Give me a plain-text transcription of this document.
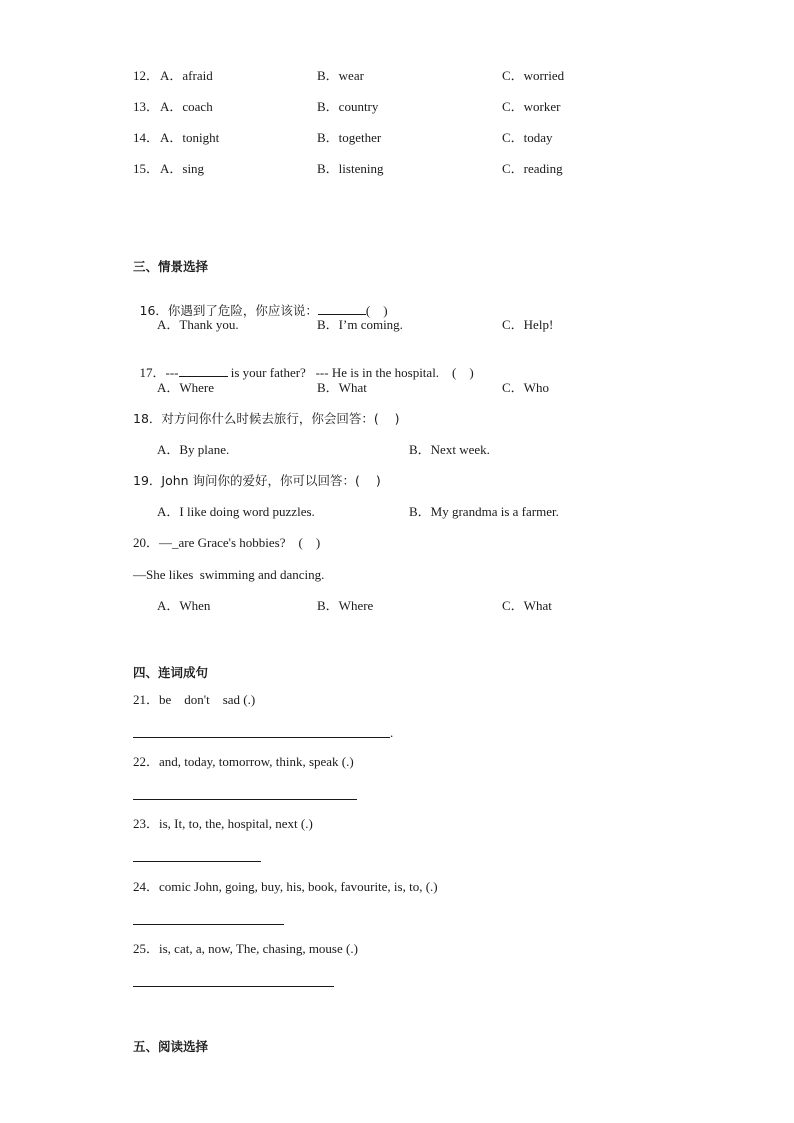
12． A．afraid	B．wear	C．worried
13． A．coach	B．country	C．worker
14． A．tonight	B．together	C．today
15． A．sing	B．listening	C．reading
三、情景选择

16．你遇到了危险，你应该说：	(    )

A．Thank you.	B．I’m coming.	C．Help!

17．---	is your father?   --- He is in the hospital.    (    )

A．Where	B．What	C．Who
18．对方问你什么时候去旅行，你会回答：(    )
A．By plane.	B．Next week.
19．John 询问你的爱好，你可以回答：(    )
A．I like doing word puzzles.	B．My grandma is a farmer.
20．—_are Grace's hobbies?    (    )
—She likes  swimming and dancing.
A．When	B．Where	C．What
四、连词成句
21．be    don't    sad (.)
.
22．and, today, tomorrow, think, speak (.)
23．is, It, to, the, hospital, next (.)
24．comic John, going, buy, his, book, favourite, is, to, (.)
25．is, cat, a, now, The, chasing, mouse (.)
五、阅读选择
